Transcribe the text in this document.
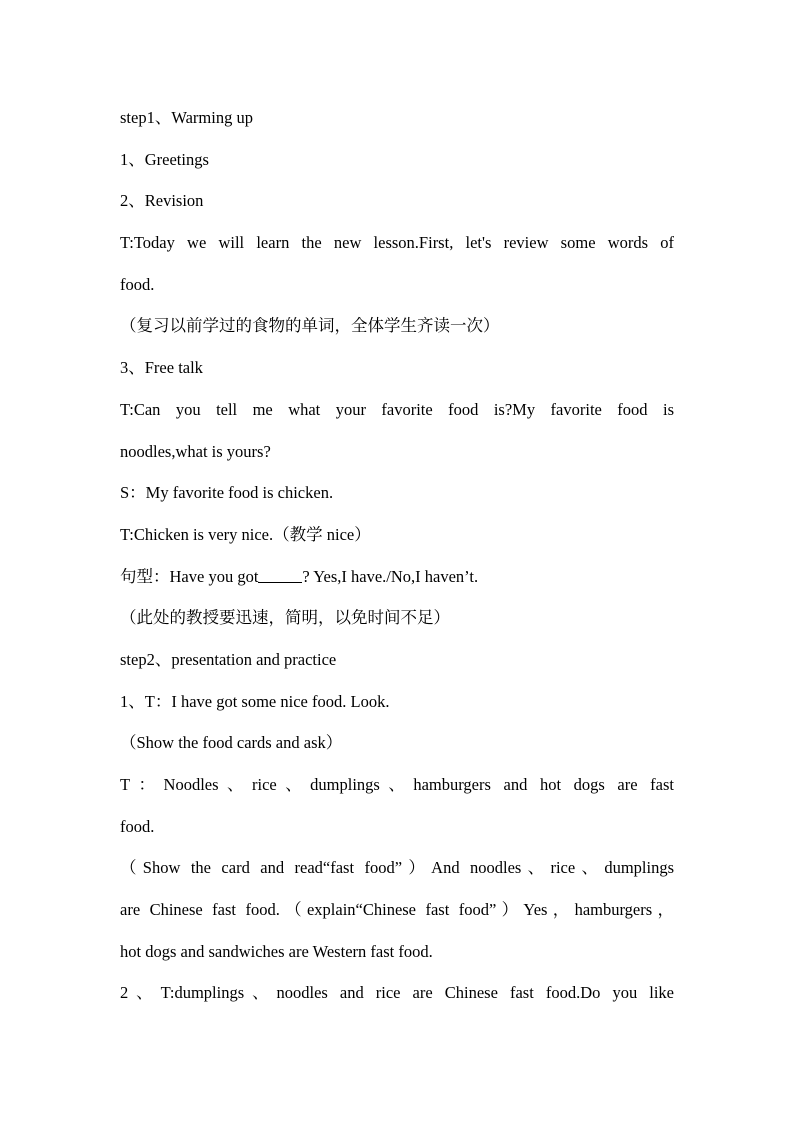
step1、Warming up
1、Greetings
2、Revision
T:Today we will learn the new lesson.First, let's review some words of
food.
（复习以前学过的食物的单词，全体学生齐读一次）
3、Free talk
T:Can you tell me what your favorite food is?My favorite food is
noodles,what is yours?
S：My favorite food is chicken.
T:Chicken is very nice.（教学 nice）
句型：Have you got	? Yes,I have./No,I haven’t.
（此处的教授要迅速，简明，以免时间不足）
step2、presentation and practice
1、T：I have got some nice food. Look.
（Show the food cards and ask）
T：Noodles、rice、dumplings、hamburgers and hot dogs are fast
food.
（Show the card and read“fast food”）And noodles、rice、dumplings
are Chinese fast food.（explain“Chinese fast food”）Yes，hamburgers，
hot dogs and sandwiches are Western fast food.
2、T:dumplings、noodles and rice are Chinese fast food.Do you like
